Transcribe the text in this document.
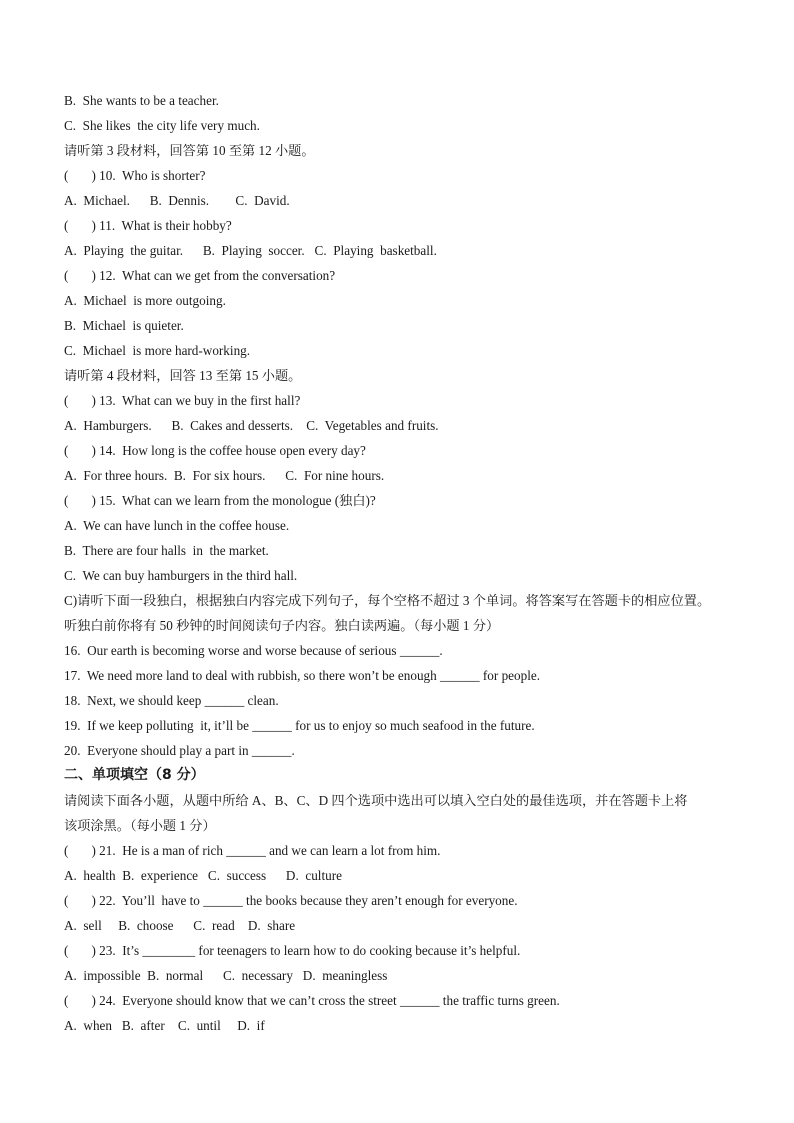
B.  She wants to be a teacher.
C.  She likes  the city life very much.
请听第 3 段材料，回答第 10 至第 12 小题。
(       ) 10.  Who is shorter?
A.  Michael.      B.  Dennis.        C.  David.
(       ) 11.  What is their hobby?
A.  Playing  the guitar.      B.  Playing  soccer.   C.  Playing  basketball.
(       ) 12.  What can we get from the conversation?
A.  Michael  is more outgoing.
B.  Michael  is quieter.
C.  Michael  is more hard-working.
请听第 4 段材料，回答 13 至第 15 小题。
(       ) 13.  What can we buy in the first hall?
A.  Hamburgers.      B.  Cakes and desserts.    C.  Vegetables and fruits.
(       ) 14.  How long is the coffee house open every day?
A.  For three hours.  B.  For six hours.      C.  For nine hours.
(       ) 15.  What can we learn from the monologue (独白)?
A.  We can have lunch in the coffee house.
B.  There are four halls  in  the market.
C.  We can buy hamburgers in the third hall.
C)请听下面一段独白，根据独白内容完成下列句子，每个空格不超过 3 个单词。将答案写在答题卡的相应位置。
听独白前你将有 50 秒钟的时间阅读句子内容。独白读两遍。（每小题 1 分）
16.  Our earth is becoming worse and worse because of serious ______.
17.  We need more land to deal with rubbish, so there won’t be enough ______ for people.
18.  Next, we should keep ______ clean.
19.  If we keep polluting  it, it’ll be ______ for us to enjoy so much seafood in the future.
20.  Everyone should play a part in ______.
二、单项填空（8 分）
请阅读下面各小题，从题中所给 A、B、C、D 四个选项中选出可以填入空白处的最佳选项，并在答题卡上将
该项涂黑。（每小题 1 分）
(       ) 21.  He is a man of rich ______ and we can learn a lot from him.
A.  health  B.  experience   C.  success      D.  culture
(       ) 22.  You’ll  have to ______ the books because they aren’t enough for everyone.
A.  sell     B.  choose      C.  read    D.  share
(       ) 23.  It’s ________ for teenagers to learn how to do cooking because it’s helpful.
A.  impossible  B.  normal      C.  necessary   D.  meaningless
(       ) 24.  Everyone should know that we can’t cross the street ______ the traffic turns green.
A.  when   B.  after    C.  until     D.  if
